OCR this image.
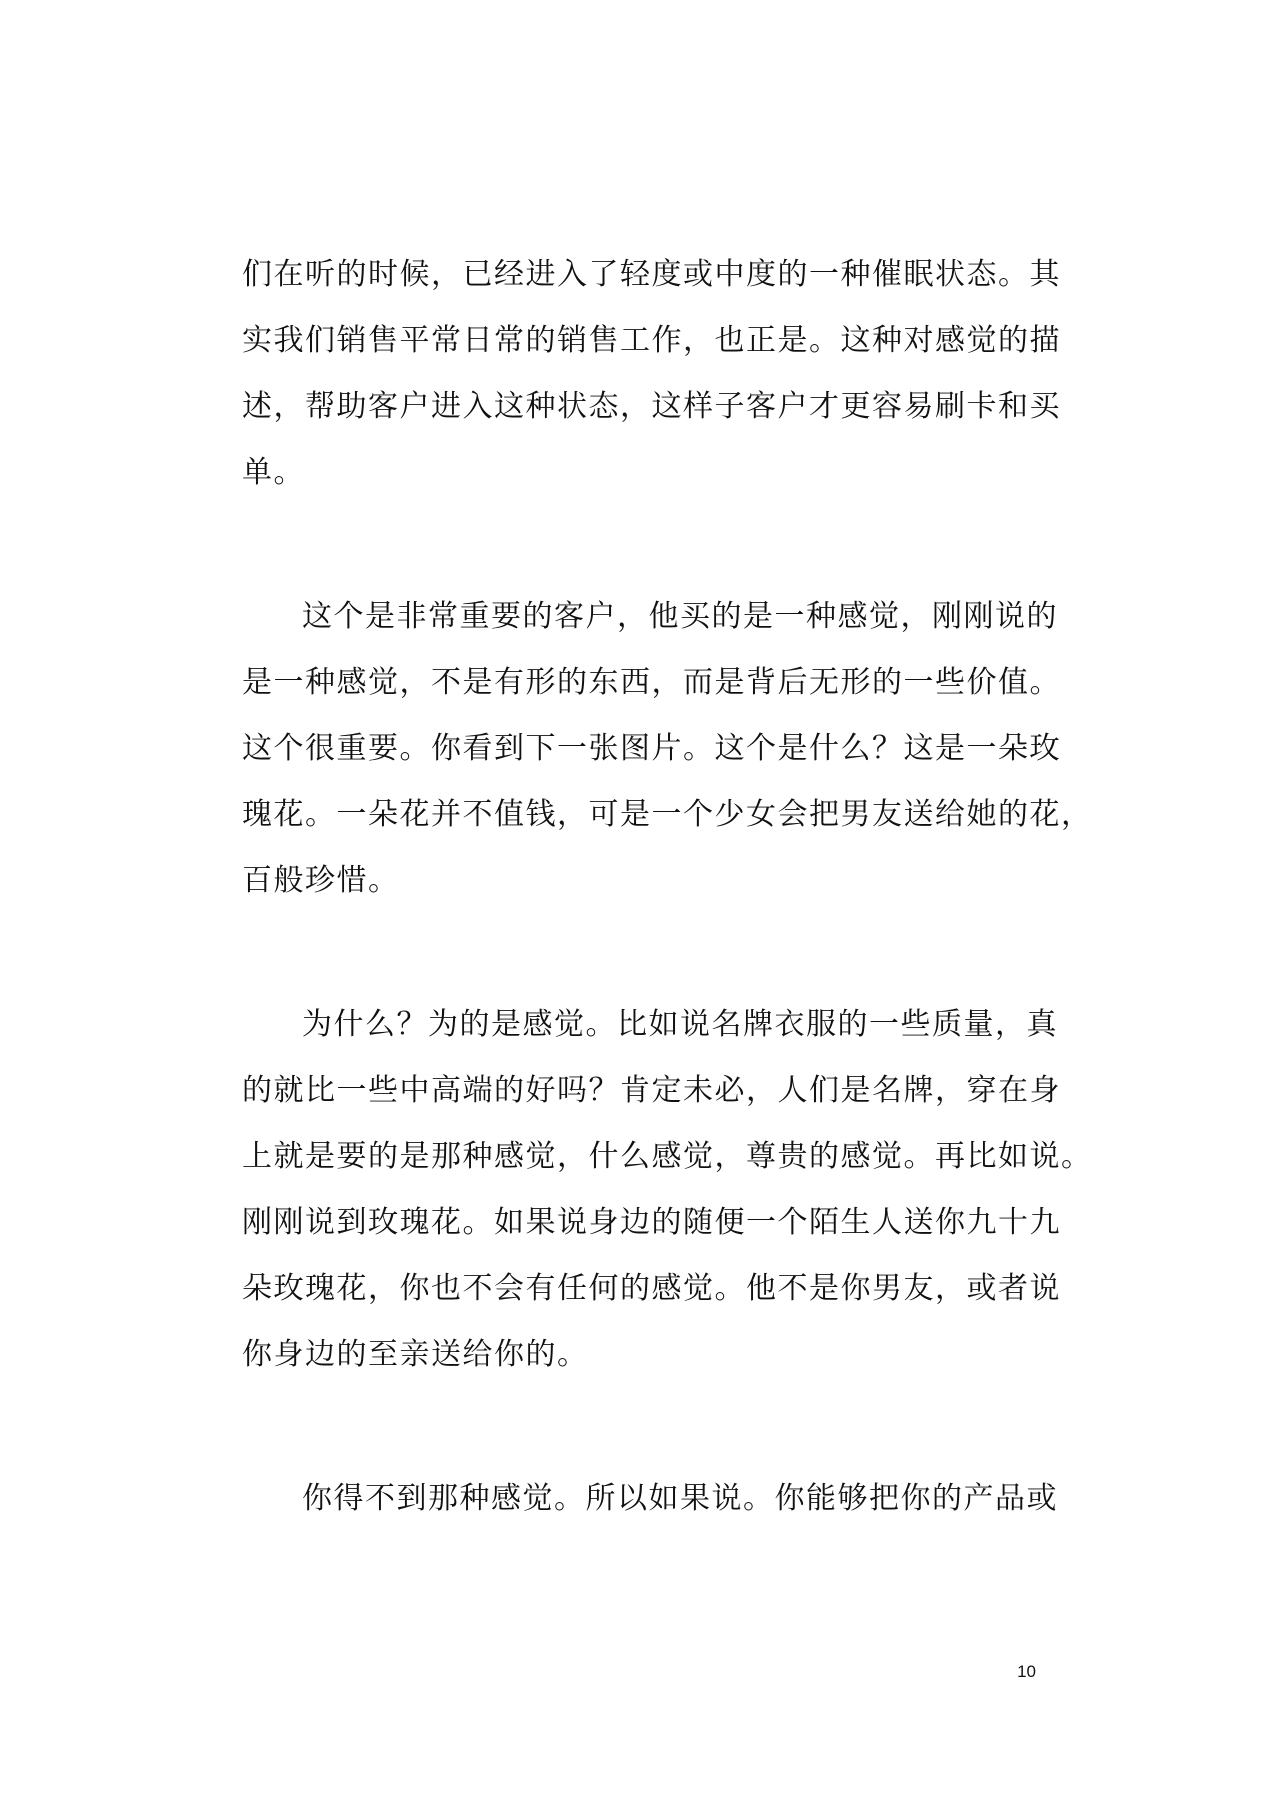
们在听的时候，已经进入了轻度或中度的一种催眠状态。其
实我们销售平常日常的销售工作，也正是。这种对感觉的描
述，帮助客户进入这种状态，这样子客户才更容易刷卡和买
单。

这个是非常重要的客户，他买的是一种感觉，刚刚说的
是一种感觉，不是有形的东西，而是背后无形的一些价值。
这个很重要。你看到下一张图片。这个是什么？这是一朵玫
瑰花。一朵花并不值钱，可是一个少女会把男友送给她的花，
百般珍惜。

为什么？为的是感觉。比如说名牌衣服的一些质量，真
的就比一些中高端的好吗？肯定未必，人们是名牌，穿在身
上就是要的是那种感觉，什么感觉，尊贵的感觉。再比如说。
刚刚说到玫瑰花。如果说身边的随便一个陌生人送你九十九
朵玫瑰花，你也不会有任何的感觉。他不是你男友，或者说
你身边的至亲送给你的。

你得不到那种感觉。所以如果说。你能够把你的产品或

10
